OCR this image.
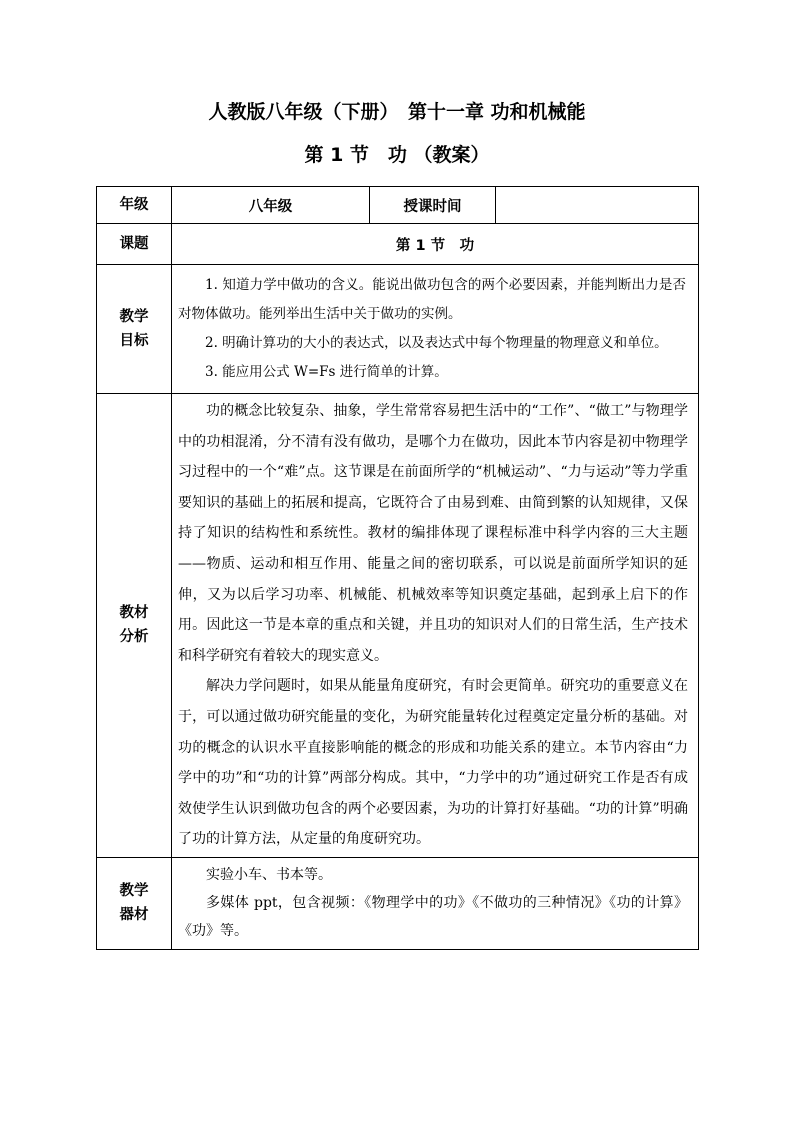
人教版八年级（下册）　第十一章 功和机械能
第 1 节　功 （教案）
年级	八年级	授课时间	
课题	第 1 节　功		

教学目标	1. 知道力学中做功的含义。能说出做功包含的两个必要因素，并能判断出力是否对物体做功。能列举出生活中关于做功的实例。

2. 明确计算功的大小的表达式，以及表达式中每个物理量的物理意义和单位。

3. 能应用公式 W=Fs 进行简单的计算。		

教材分析	功的概念比较复杂、抽象，学生常常容易把生活中的“工作”、“做工”与物理学中的功相混淆，分不清有没有做功，是哪个力在做功，因此本节内容是初中物理学习过程中的一个“难”点。这节课是在前面所学的“机械运动”、“力与运动”等力学重要知识的基础上的拓展和提高，它既符合了由易到难、由简到繁的认知规律，又保持了知识的结构性和系统性。教材的编排体现了课程标准中科学内容的三大主题——物质、运动和相互作用、能量之间的密切联系，可以说是前面所学知识的延伸，又为以后学习功率、机械能、机械效率等知识奠定基础，起到承上启下的作用。因此这一节是本章的重点和关键，并且功的知识对人们的日常生活，生产技术和科学研究有着较大的现实意义。

解决力学问题时，如果从能量角度研究，有时会更简单。研究功的重要意义在于，可以通过做功研究能量的变化，为研究能量转化过程奠定定量分析的基础。对功的概念的认识水平直接影响能的概念的形成和功能关系的建立。本节内容由“力学中的功”和“功的计算”两部分构成。其中，“力学中的功”通过研究工作是否有成效使学生认识到做功包含的两个必要因素，为功的计算打好基础。“功的计算”明确了功的计算方法，从定量的角度研究功。		

教学器材	实验小车、书本等。

多媒体 ppt，包含视频：《物理学中的功》《不做功的三种情况》《功的计算》《功》等。		
